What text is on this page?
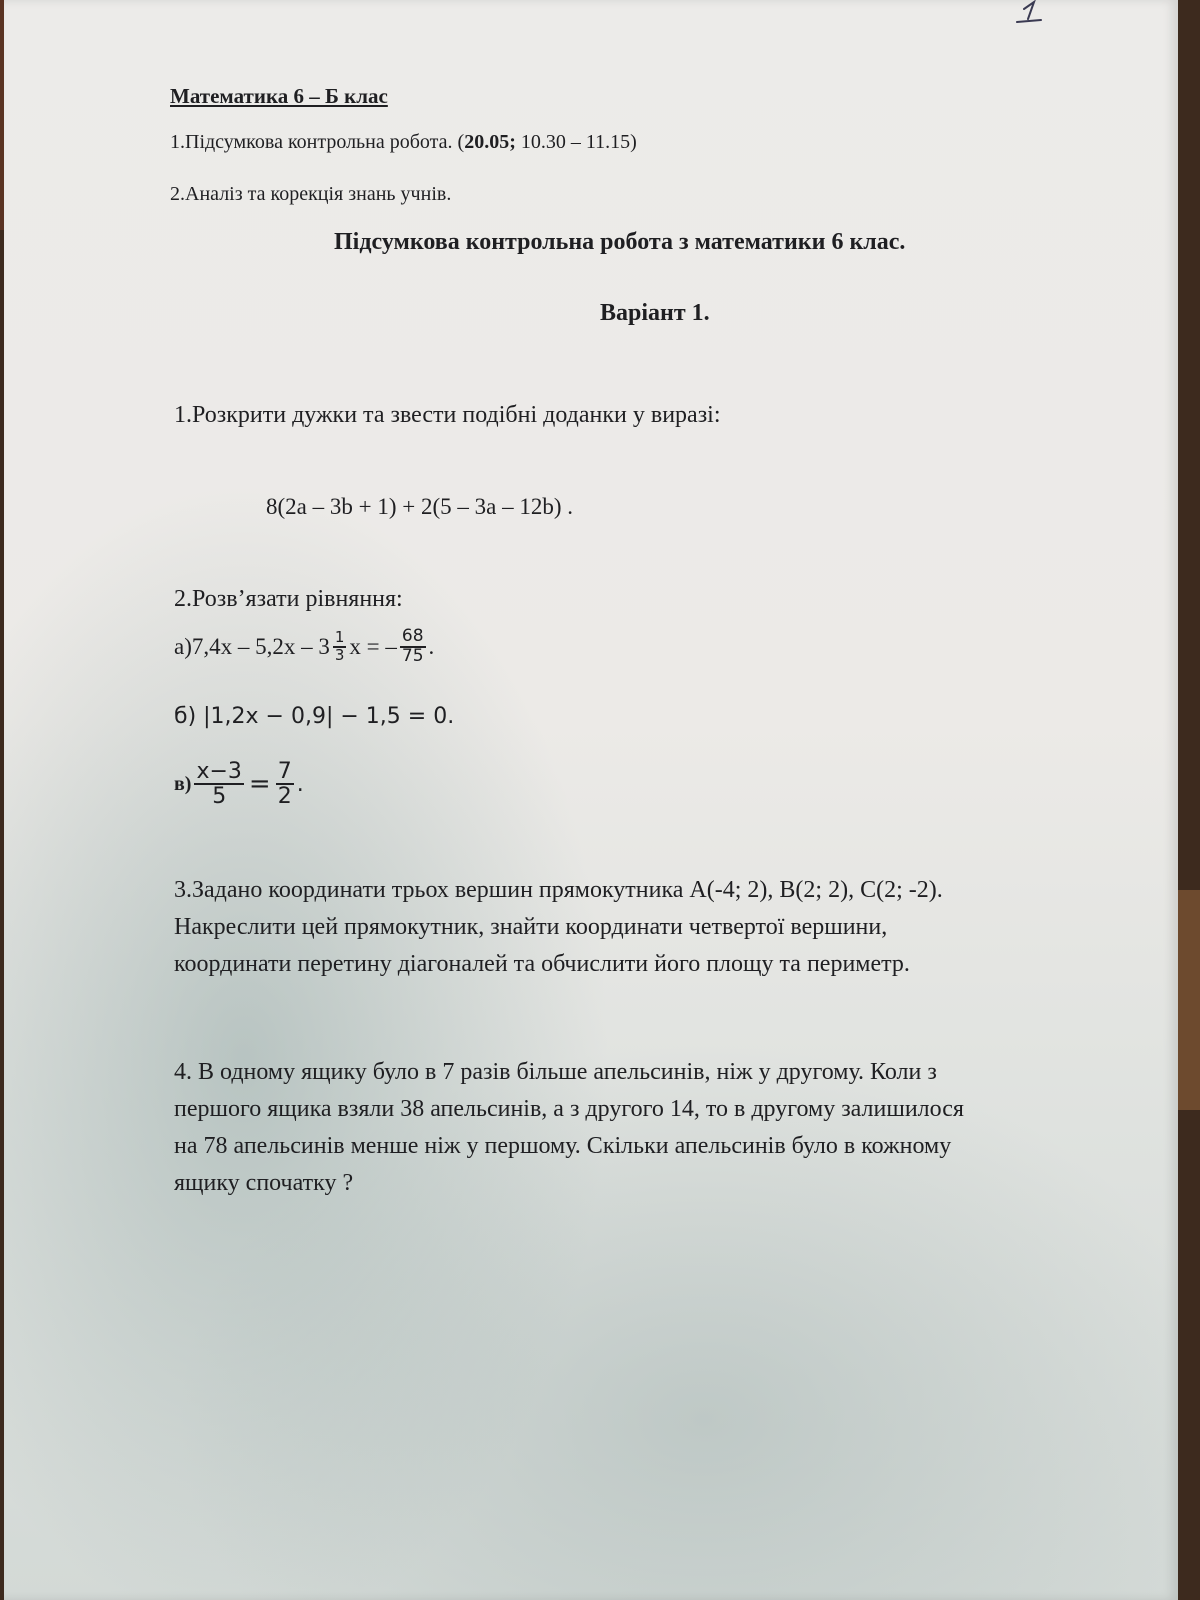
Математика 6 – Б клас
1.Підсумкова контрольна робота. (20.05; 10.30 – 11.15)
2.Аналіз та корекція знань учнів.
Підсумкова контрольна робота з математики 6 клас.
Варіант 1.
1.Розкрити дужки та звести подібні доданки у виразі:
8(2a – 3b + 1) + 2(5 – 3a – 12b) .
2.Розв’язати рівняння:
$а)7,4х - 5,2х - 3 \frac{1}{3}$ х = – $\frac{68}{75}$ .
б) |1,2x − 0,9| − 1,5 = 0.
$в) \frac{x-3}{5} = \frac{7}{2}$ .
3.Задано координати трьох вершин прямокутника А(-4; 2), В(2; 2), С(2; -2).
Накреслити цей прямокутник, знайти координати четвертої вершини,
координати перетину діагоналей та обчислити його площу та периметр.
4. В одному ящику було в 7 разів більше апельсинів, ніж у другому. Коли з
першого ящика взяли 38 апельсинів, а з другого 14, то в другому залишилося
на 78 апельсинів менше ніж у першому. Скільки апельсинів було в кожному
ящику спочатку ?
